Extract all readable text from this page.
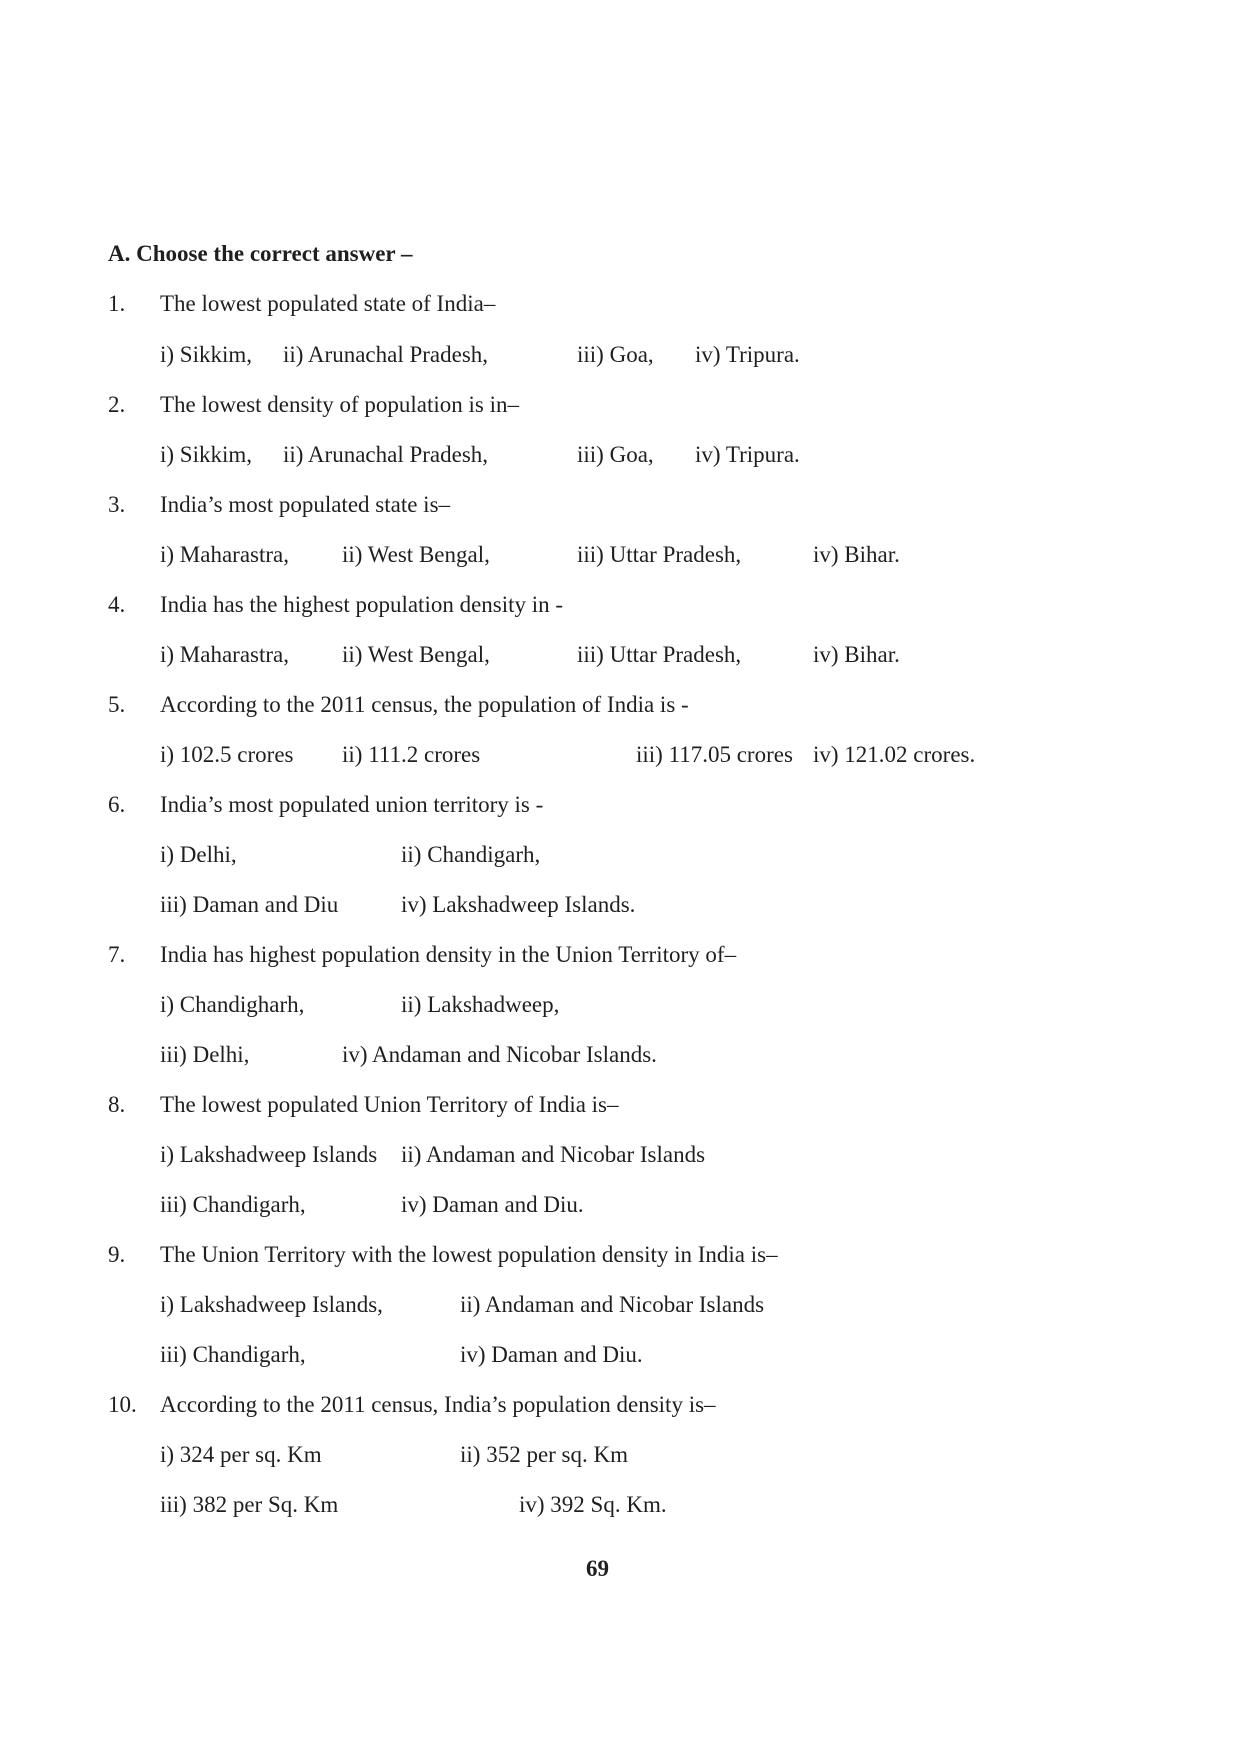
A. Choose the correct answer –
1. The lowest populated state of India–
i) Sikkim, ii) Arunachal Pradesh,	iii) Goa, iv) Tripura.
2. The lowest density of population is in–
i) Sikkim, ii) Arunachal Pradesh,	iii) Goa, iv) Tripura.
3. India’s most populated state is–
i) Maharastra, ii) West Bengal,	iii) Uttar Pradesh,	iv) Bihar.
4. India has the highest population density in -
i) Maharastra, ii) West Bengal,	iii) Uttar Pradesh,	iv) Bihar.
5. According to the 2011 census, the population of India is -
i) 102.5 crores ii) 111.2 crores	iii) 117.05 crores iv) 121.02 crores.
6. India’s most populated union territory is -
i) Delhi,	ii) Chandigarh,
iii) Daman and Diu	iv) Lakshadweep Islands.
7. India has highest population density in the Union Territory of–
i) Chandigharh,	ii) Lakshadweep,
iii) Delhi,	iv) Andaman and Nicobar Islands.
8. The lowest populated Union Territory of India is–
i) Lakshadweep Islands ii) Andaman and Nicobar Islands
iii) Chandigarh,	iv) Daman and Diu.
9. The Union Territory with the lowest population density in India is–
i) Lakshadweep Islands,	ii) Andaman and Nicobar Islands
iii) Chandigarh,	iv) Daman and Diu.
10. According to the 2011 census, India’s population density is–
i) 324 per sq. Km	ii) 352 per sq. Km
iii) 382 per Sq. Km	iv) 392 Sq. Km.
69
